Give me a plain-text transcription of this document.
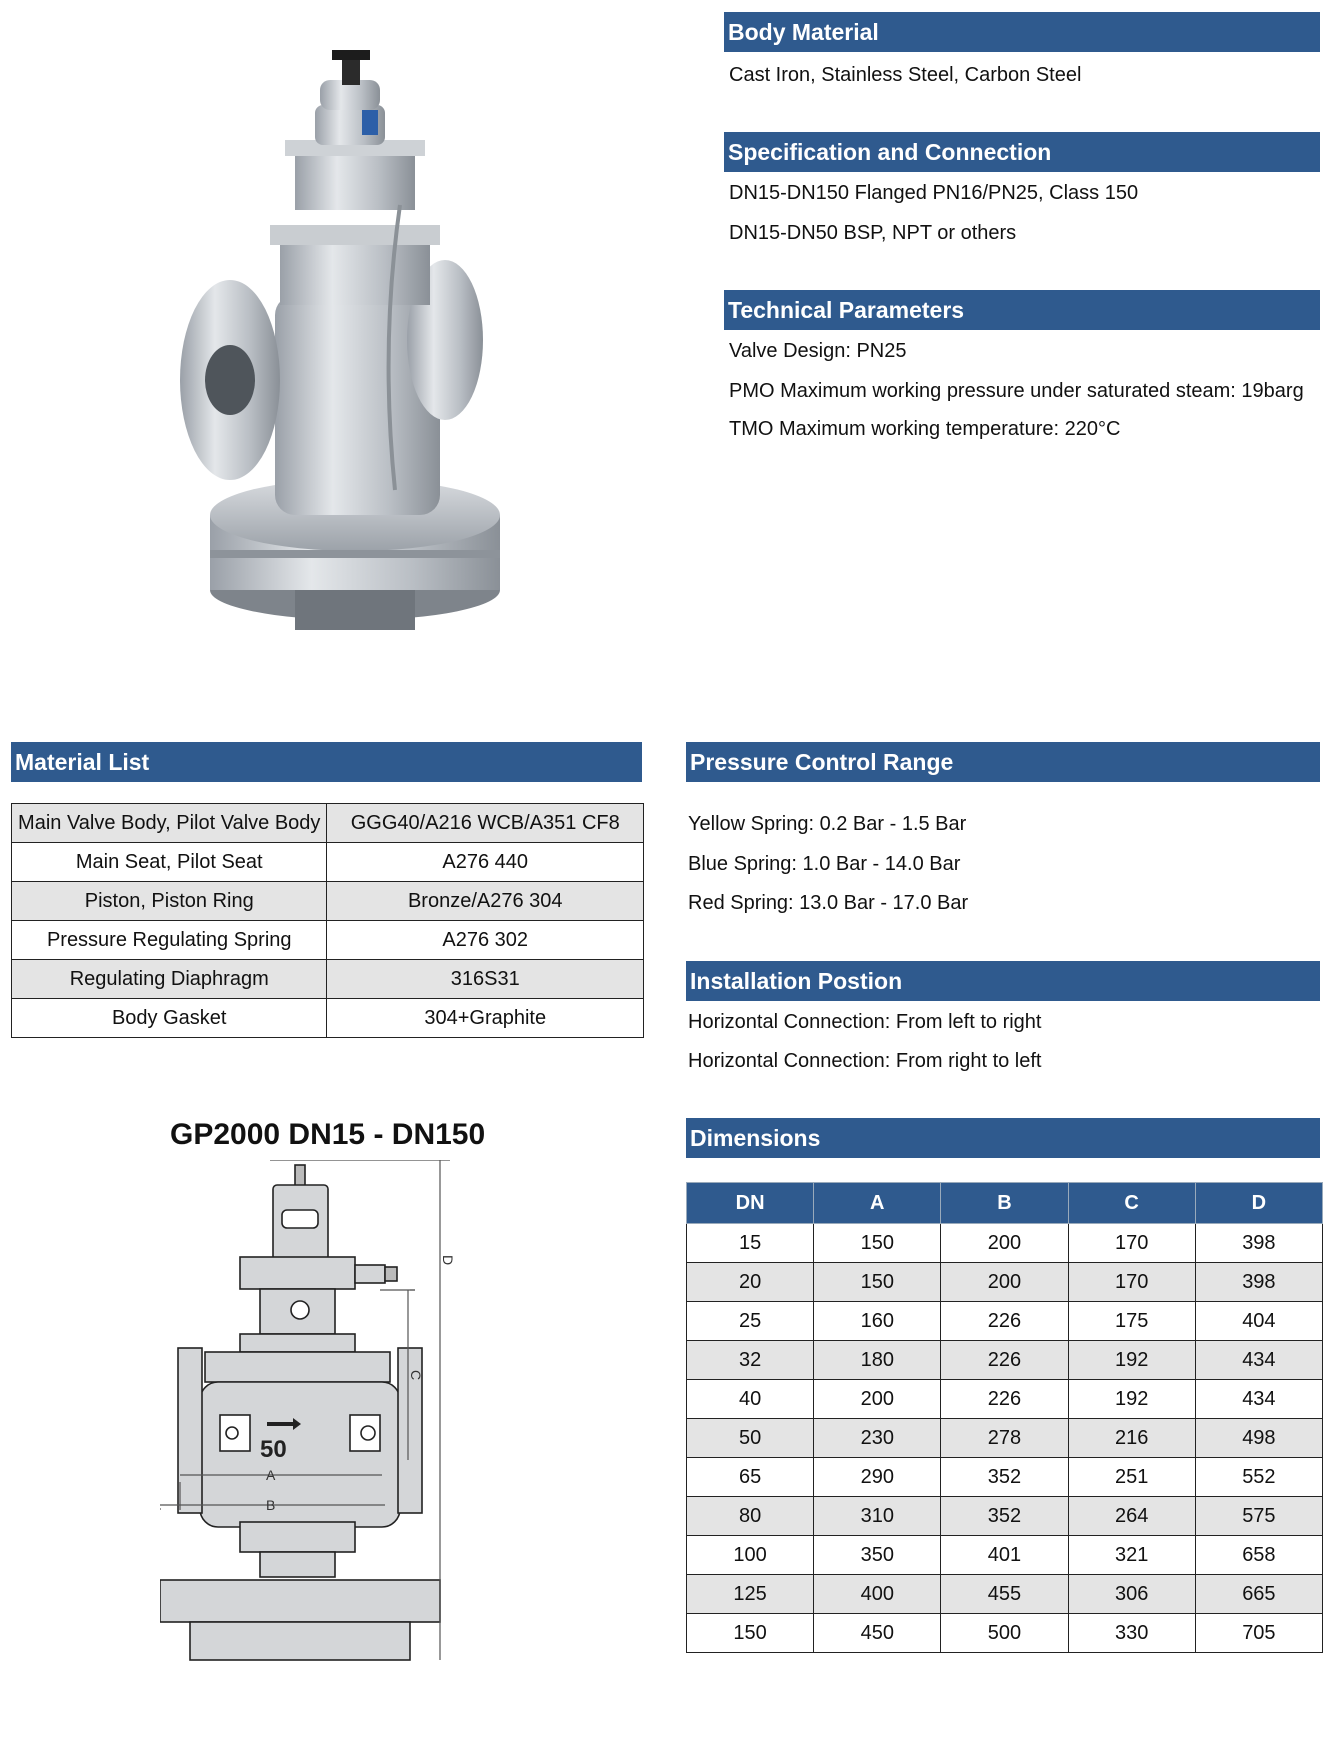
Body Material
Cast Iron, Stainless Steel, Carbon Steel
Specification and Connection
DN15-DN150 Flanged PN16/PN25, Class 150
DN15-DN50 BSP, NPT or others
Technical Parameters
Valve Design: PN25
PMO Maximum working pressure under saturated steam: 19barg
TMO Maximum working temperature: 220°C
Material List
Main Valve Body, Pilot Valve Body	GGG40/A216 WCB/A351 CF8
Main Seat, Pilot Seat	A276 440
Piston, Piston Ring	Bronze/A276 304
Pressure Regulating Spring	A276 302
Regulating Diaphragm	316S31
Body Gasket	304+Graphite
Pressure Control Range
Yellow Spring: 0.2 Bar - 1.5 Bar
Blue Spring: 1.0 Bar - 14.0 Bar
Red Spring: 13.0 Bar - 17.0 Bar
Installation Postion
Horizontal Connection: From left to right
Horizontal Connection: From right to left
GP2000 DN15 - DN150
50
D
C
A
B
Dimensions
DN	A	B	C	D
15	150	200	170	398
20	150	200	170	398
25	160	226	175	404
32	180	226	192	434
40	200	226	192	434
50	230	278	216	498
65	290	352	251	552
80	310	352	264	575
100	350	401	321	658
125	400	455	306	665
150	450	500	330	705
